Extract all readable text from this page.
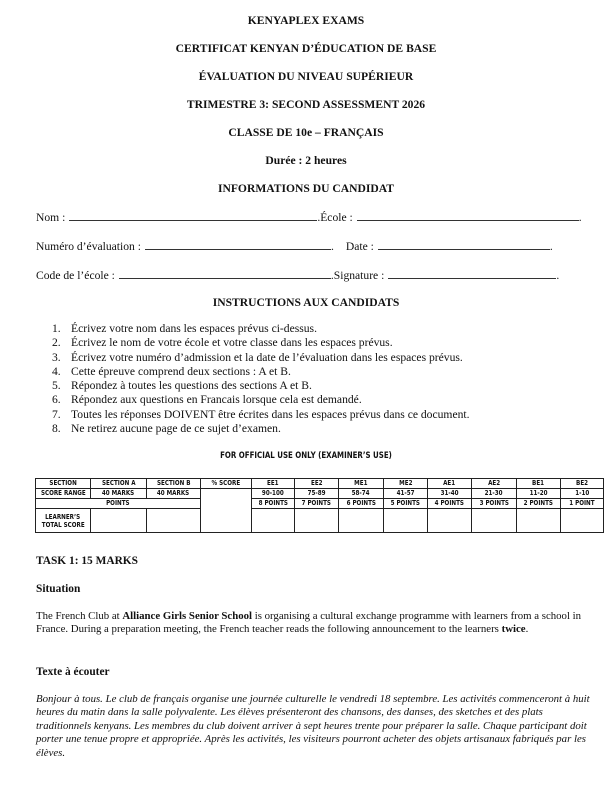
KENYAPLEX EXAMS
CERTIFICAT KENYAN D’ÉDUCATION DE BASE
ÉVALUATION DU NIVEAU SUPÉRIEUR
TRIMESTRE 3: SECOND ASSESSMENT 2026
CLASSE DE 10e – FRANÇAIS
Durée : 2 heures
INFORMATIONS DU CANDIDAT
Nom :	.École :	.
Numéro d’évaluation :	. Date :	.
Code de l’école :	.Signature :	.
INSTRUCTIONS AUX CANDIDATS
1. Écrivez votre nom dans les espaces prévus ci-dessus.
2. Écrivez le nom de votre école et votre classe dans les espaces prévus.
3. Écrivez votre numéro d’admission et la date de l’évaluation dans les espaces prévus.
4. Cette épreuve comprend deux sections : A et B.
5. Répondez à toutes les questions des sections A et B.
6. Répondez aux questions en Francais lorsque cela est demandé.
7. Toutes les réponses DOIVENT être écrites dans les espaces prévus dans ce document.
8. Ne retirez aucune page de ce sujet d’examen.
FOR OFFICIAL USE ONLY (EXAMINER’S USE)
SECTION	SECTION A	SECTION B	% SCORE	EE1	EE2	ME1	ME2	AE1	AE2	BE1	BE2
SCORE RANGE	40 MARKS	40 MARKS		90-100	75-89	58-74	41-57	31-40	21-30	11-20	1-10
POINTS				8 POINTS	7 POINTS	6 POINTS	5 POINTS	4 POINTS	3 POINTS	2 POINTS	1 POINT
LEARNER’S
TOTAL SCORE											
TASK 1: 15 MARKS
Situation
The French Club at Alliance Girls Senior School is organising a cultural exchange programme with learners from a school in France. During a preparation meeting, the French teacher reads the following announcement to the learners twice.
Texte à écouter
Bonjour à tous. Le club de français organise une journée culturelle le vendredi 18 septembre. Les activités commenceront à huit heures du matin dans la salle polyvalente. Les élèves présenteront des chansons, des danses, des sketches et des plats traditionnels kenyans. Les membres du club doivent arriver à sept heures trente pour préparer la salle. Chaque participant doit porter une tenue propre et appropriée. Après les activités, les visiteurs pourront acheter des objets artisanaux fabriqués par les élèves.
